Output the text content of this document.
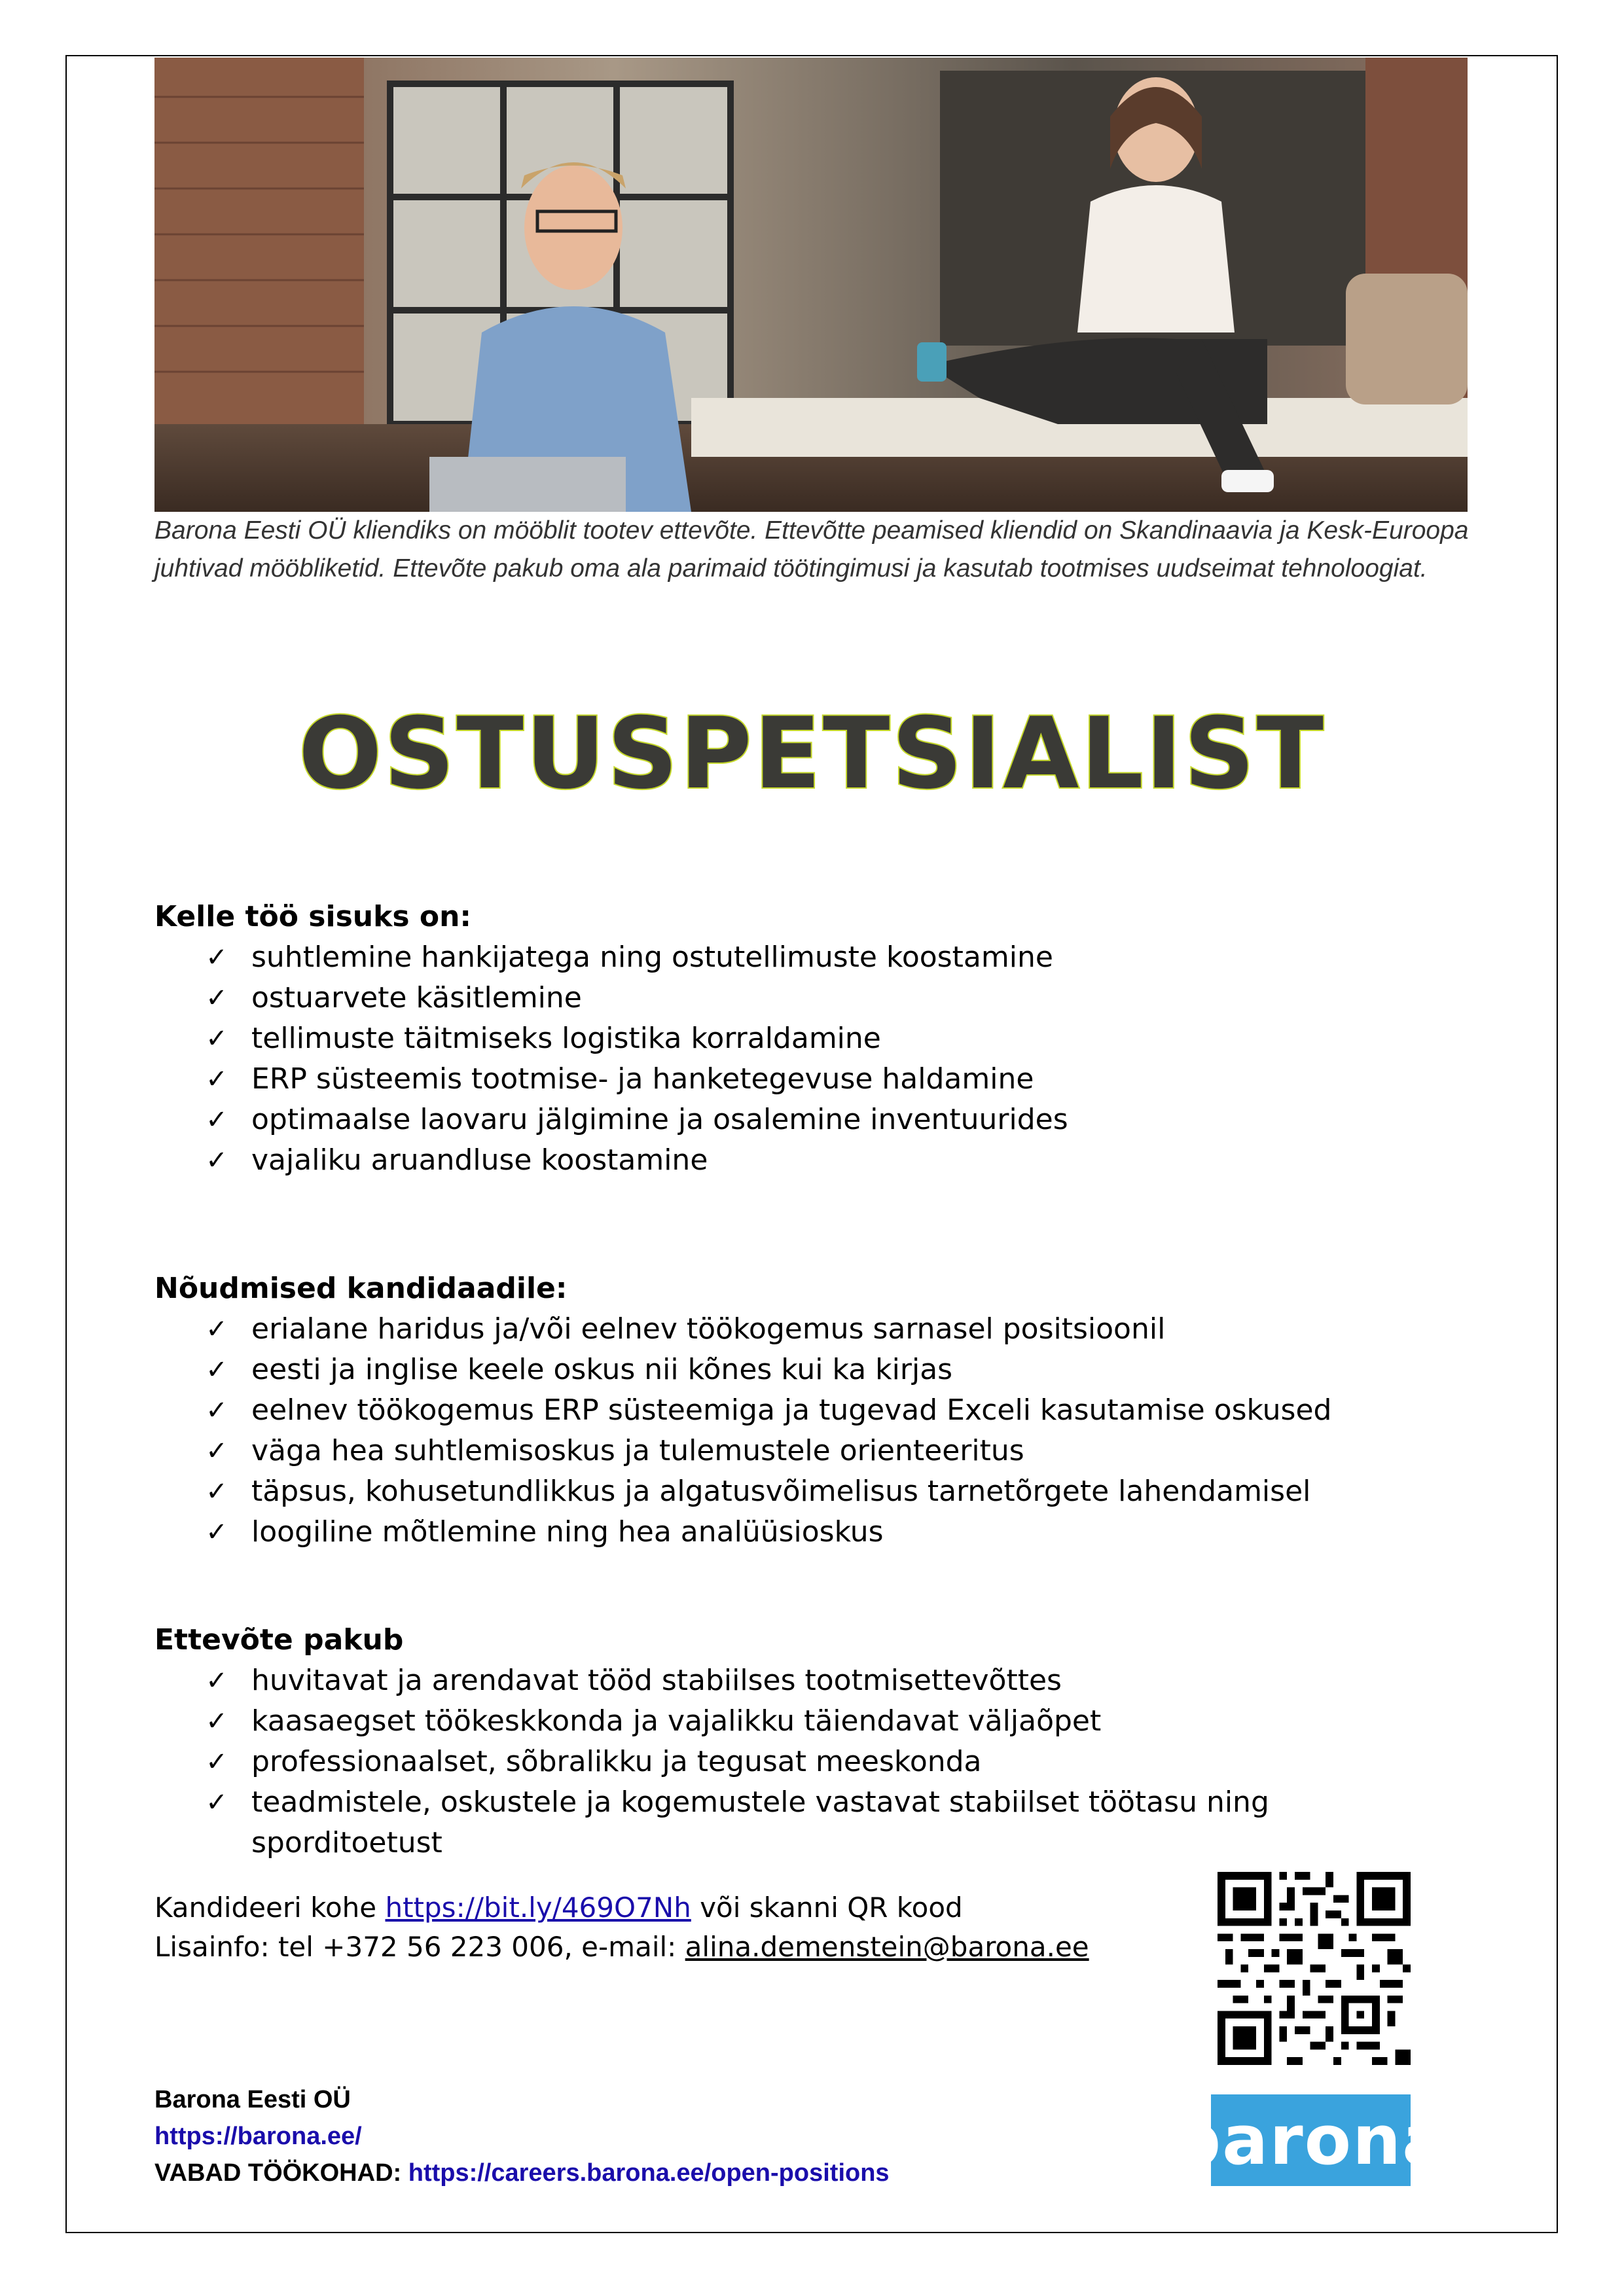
Barona Eesti OÜ kliendiks on mööblit tootev ettevõte. Ettevõtte peamised kliendid on Skandinaavia ja Kesk-Euroopa juhtivad mööbliketid. Ettevõte pakub oma ala parimaid töötingimusi ja kasutab tootmises uudseimat tehnoloogiat.

OSTUSPETSIALIST
Kelle töö sisuks on:
✓ suhtlemine hankijatega ning ostutellimuste koostamine
✓ ostuarvete käsitlemine
✓ tellimuste täitmiseks logistika korraldamine
✓ ERP süsteemis tootmise- ja hanketegevuse haldamine
✓ optimaalse laovaru jälgimine ja osalemine inventuurides
✓ vajaliku aruandluse koostamine
Nõudmised kandidaadile:
✓ erialane haridus ja/või eelnev töökogemus sarnasel positsioonil
✓ eesti ja inglise keele oskus nii kõnes kui ka kirjas
✓ eelnev töökogemus ERP süsteemiga ja tugevad Exceli kasutamise oskused
✓ väga hea suhtlemisoskus ja tulemustele orienteeritus
✓ täpsus, kohusetundlikkus ja algatusvõimelisus tarnetõrgete lahendamisel
✓ loogiline mõtlemine ning hea analüüsioskus
Ettevõte pakub
✓ huvitavat ja arendavat tööd stabiilses tootmisettevõttes
✓ kaasaegset töökeskkonda ja vajalikku täiendavat väljaõpet
✓ professionaalset, sõbralikku ja tegusat meeskonda
✓ teadmistele, oskustele ja kogemustele vastavat stabiilset töötasu ning sporditoetust
Kandideeri kohe https://bit.ly/469O7Nh või skanni QR kood
Lisainfo: tel +372 56 223 006, e-mail: alina.demenstein@barona.ee
Barona Eesti OÜ
https://barona.ee/
VABAD TÖÖKOHAD: https://careers.barona.ee/open-positions	barona
